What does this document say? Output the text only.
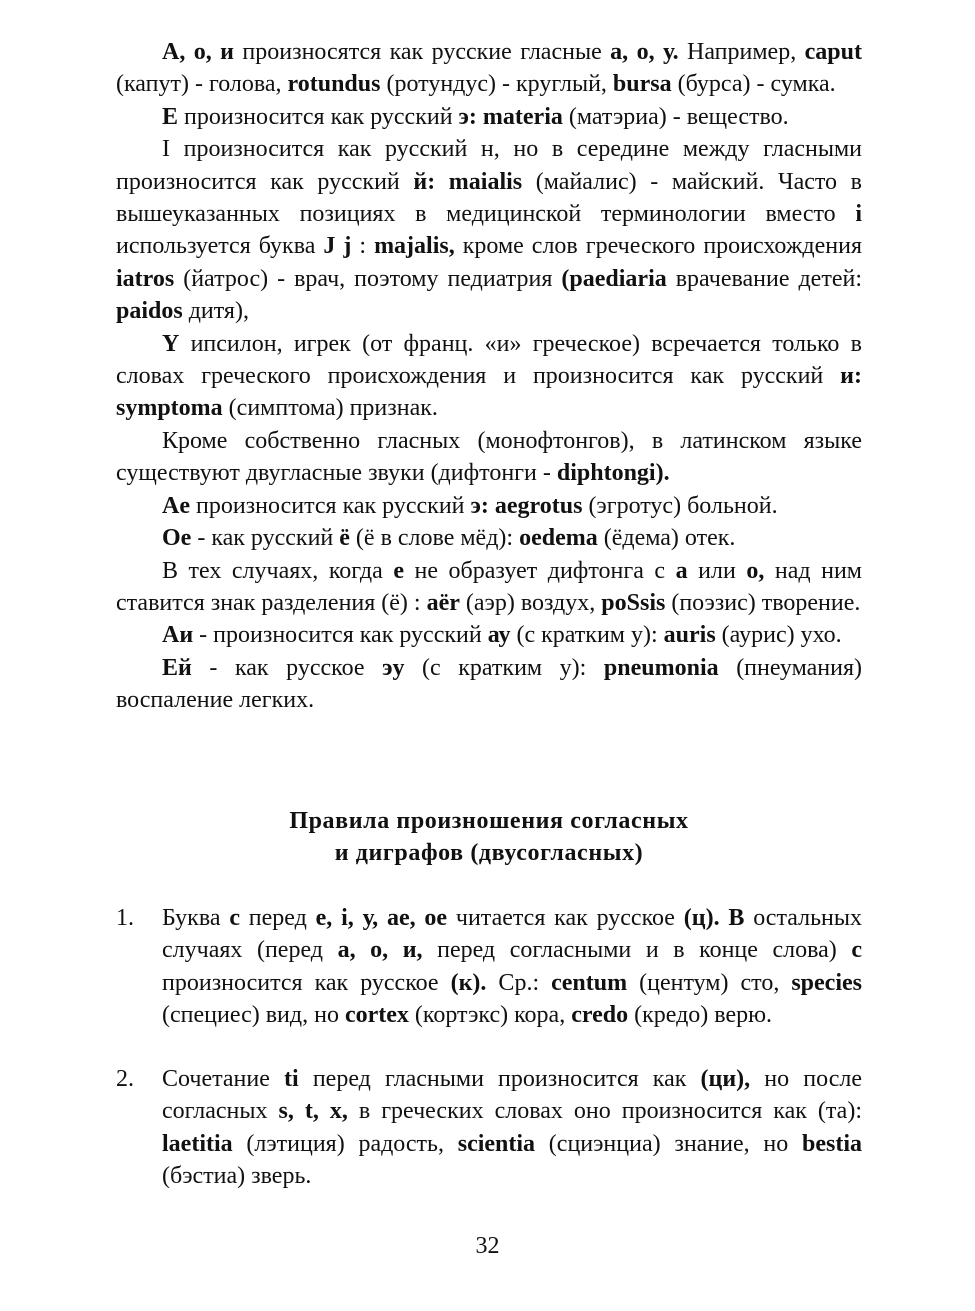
A, o, и произносятся как русские гласные a, o, у. Например, caput (капут) - голова, rotundus (ротундус) - круглый, bursa (бурса) - сумка.

Е произносится как русский э: materia (матэриа) - вещество.

I произносится как русский н, но в середине между гласными произносится как русский й: maialis (майалис) - майский. Часто в вышеуказанных позициях в медицинской терминологии вместо i используется буква J j : majalis, кроме слов греческого происхождения iatros (йатрос) - врач, поэтому педиатрия (paediaria врачевание детей: paidos дитя),

Y ипсилон, игрек (от франц. «и» греческое) всречается только в словах греческого происхождения и произносится как русский и: symptoma (симптома) признак.

Кроме собственно гласных (монофтонгов), в латинском языке существуют двугласные звуки (дифтонги - diphtongi).

Ae произносится как русский э: aegrotus (эгротус) больной.

Oe - как русский ё (ё в слове мёд): oedema (ёдема) отек.

В тех случаях, когда е не образует дифтонга с а или о, над ним ставится знак разделения (ё) : aёr (аэр) воздух, poSsis (поэзис) творение.

Аи - произносится как русский ау (с кратким у): auris (аурис) ухо.

Ей - как русское эу (с кратким у): pneumonia (пнеумания) воспаление легких.

Правила произношения согласных
и диграфов (двусогласных)
1.	Буква с перед е, i, у, ае, ое читается как русское (ц). В остальных случаях (перед а, о, и, перед согласными и в конце слова) с произносится как русское (к). Ср.: centum (центум) сто, species (специес) вид, но cortex (кортэкс) кора, credo (кредо) верю.
2.	Сочетание ti перед гласными произносится как (ци), но после согласных s, t, x, в греческих словах оно произносится как (та): laetitia (лэтиция) радость, scientia (сциэнциа) знание, но bestia (бэстиа) зверь.
32
